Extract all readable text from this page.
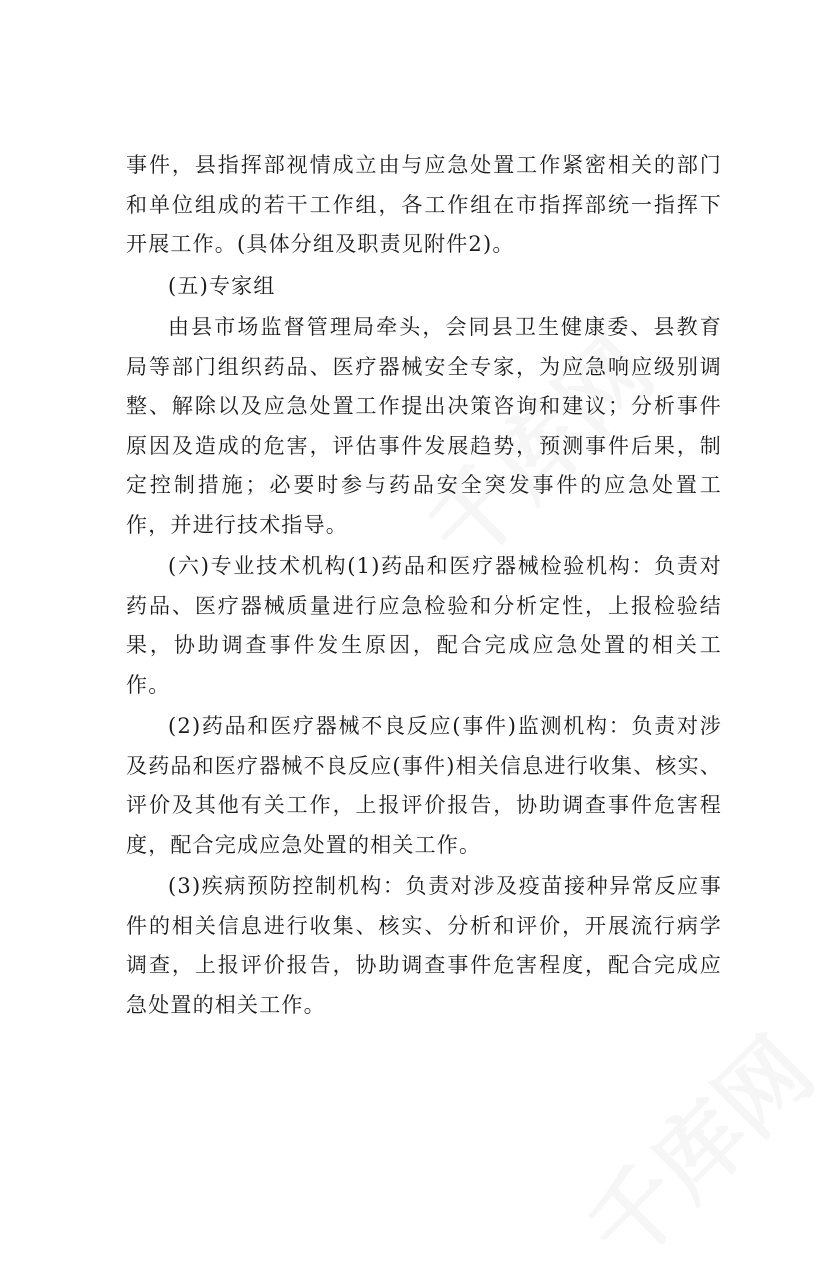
事件，县指挥部视情成立由与应急处置工作紧密相关的部门和单位组成的若干工作组，各工作组在市指挥部统一指挥下开展工作。(具体分组及职责见附件2)。

(五)专家组

由县市场监督管理局牵头，会同县卫生健康委、县教育局等部门组织药品、医疗器械安全专家，为应急响应级别调整、解除以及应急处置工作提出决策咨询和建议；分析事件原因及造成的危害，评估事件发展趋势，预测事件后果，制定控制措施；必要时参与药品安全突发事件的应急处置工作，并进行技术指导。

(六)专业技术机构(1)药品和医疗器械检验机构：负责对药品、医疗器械质量进行应急检验和分析定性，上报检验结果，协助调查事件发生原因，配合完成应急处置的相关工作。

(2)药品和医疗器械不良反应(事件)监测机构：负责对涉及药品和医疗器械不良反应(事件)相关信息进行收集、核实、评价及其他有关工作，上报评价报告，协助调查事件危害程度，配合完成应急处置的相关工作。

(3)疾病预防控制机构：负责对涉及疫苗接种异常反应事件的相关信息进行收集、核实、分析和评价，开展流行病学调查，上报评价报告，协助调查事件危害程度，配合完成应急处置的相关工作。
